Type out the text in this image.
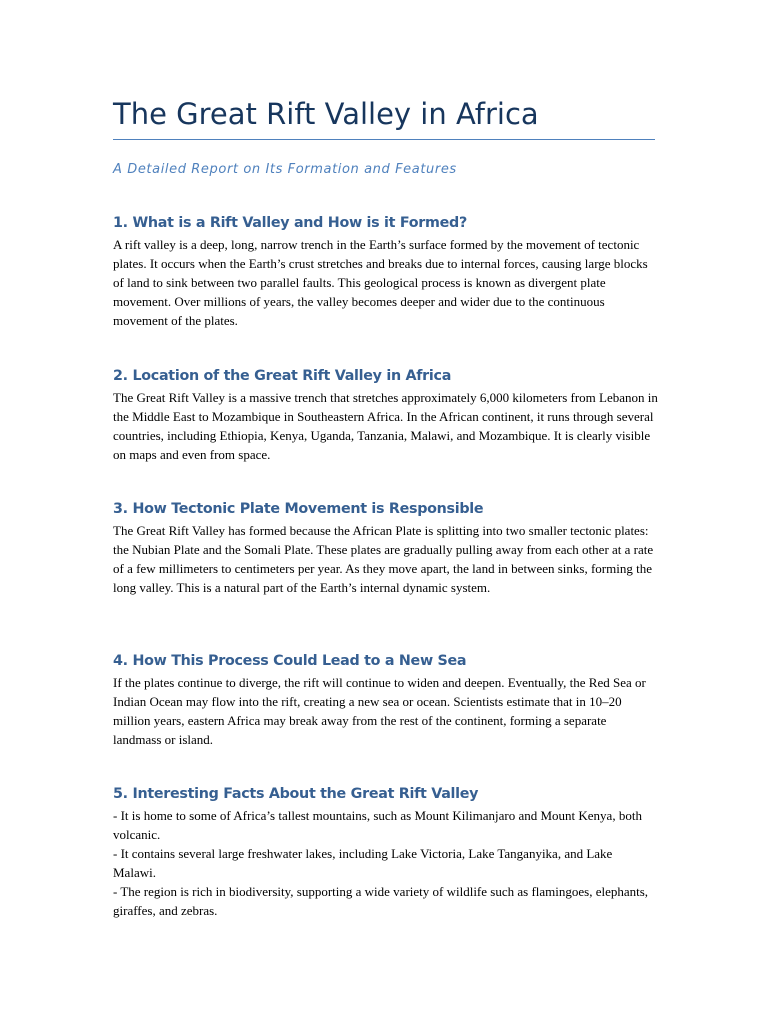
The Great Rift Valley in Africa

A Detailed Report on Its Formation and Features

1. What is a Rift Valley and How is it Formed?

A rift valley is a deep, long, narrow trench in the Earth’s surface formed by the movement of tectonic plates. It occurs when the Earth’s crust stretches and breaks due to internal forces, causing large blocks of land to sink between two parallel faults. This geological process is known as divergent plate movement. Over millions of years, the valley becomes deeper and wider due to the continuous movement of the plates.

2. Location of the Great Rift Valley in Africa

The Great Rift Valley is a massive trench that stretches approximately 6,000 kilometers from Lebanon in the Middle East to Mozambique in Southeastern Africa. In the African continent, it runs through several countries, including Ethiopia, Kenya, Uganda, Tanzania, Malawi, and Mozambique. It is clearly visible on maps and even from space.

3. How Tectonic Plate Movement is Responsible

The Great Rift Valley has formed because the African Plate is splitting into two smaller tectonic plates: the Nubian Plate and the Somali Plate. These plates are gradually pulling away from each other at a rate of a few millimeters to centimeters per year. As they move apart, the land in between sinks, forming the long valley. This is a natural part of the Earth’s internal dynamic system.

4. How This Process Could Lead to a New Sea

If the plates continue to diverge, the rift will continue to widen and deepen. Eventually, the Red Sea or Indian Ocean may flow into the rift, creating a new sea or ocean. Scientists estimate that in 10–20 million years, eastern Africa may break away from the rest of the continent, forming a separate landmass or island.

5. Interesting Facts About the Great Rift Valley
- It is home to some of Africa’s tallest mountains, such as Mount Kilimanjaro and Mount Kenya, both volcanic.
- It contains several large freshwater lakes, including Lake Victoria, Lake Tanganyika, and Lake Malawi.
- The region is rich in biodiversity, supporting a wide variety of wildlife such as flamingoes, elephants, giraffes, and zebras.
